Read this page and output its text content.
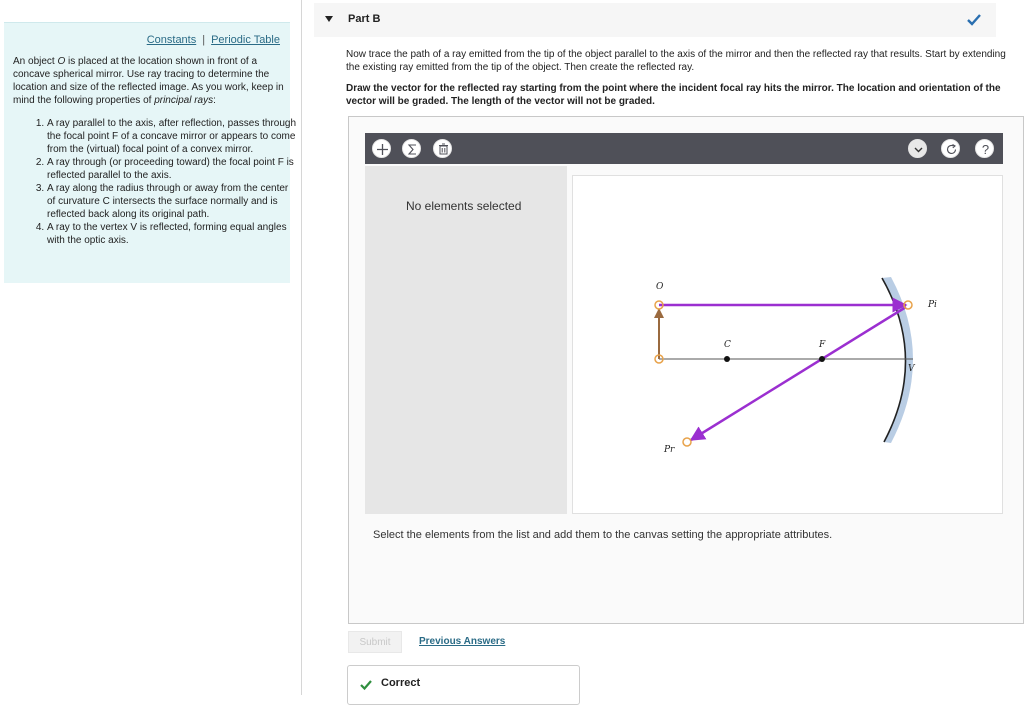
Constants | Periodic Table
An object O is placed at the location shown in front of a concave spherical mirror. Use ray tracing to determine the location and size of the reflected image. As you work, keep in mind the following properties of principal rays:
1. A ray parallel to the axis, after reflection, passes through the focal point F of a concave mirror or appears to come from the (virtual) focal point of a convex mirror.
2. A ray through (or proceeding toward) the focal point F is reflected parallel to the axis.
3. A ray along the radius through or away from the center of curvature C intersects the surface normally and is reflected back along its original path.
4. A ray to the vertex V is reflected, forming equal angles with the optic axis.
Part B
Now trace the path of a ray emitted from the tip of the object parallel to the axis of the mirror and then the reflected ray that results. Start by extending the existing ray emitted from the tip of the object. Then create the reflected ray.
Draw the vector for the reflected ray starting from the point where the incident focal ray hits the mirror. The location and orientation of the vector will be graded. The length of the vector will not be graded.
?
No elements selected
O
C	F
V
Pi
Pr
Select the elements from the list and add them to the canvas setting the appropriate attributes.
Submit	Previous Answers
Correct
